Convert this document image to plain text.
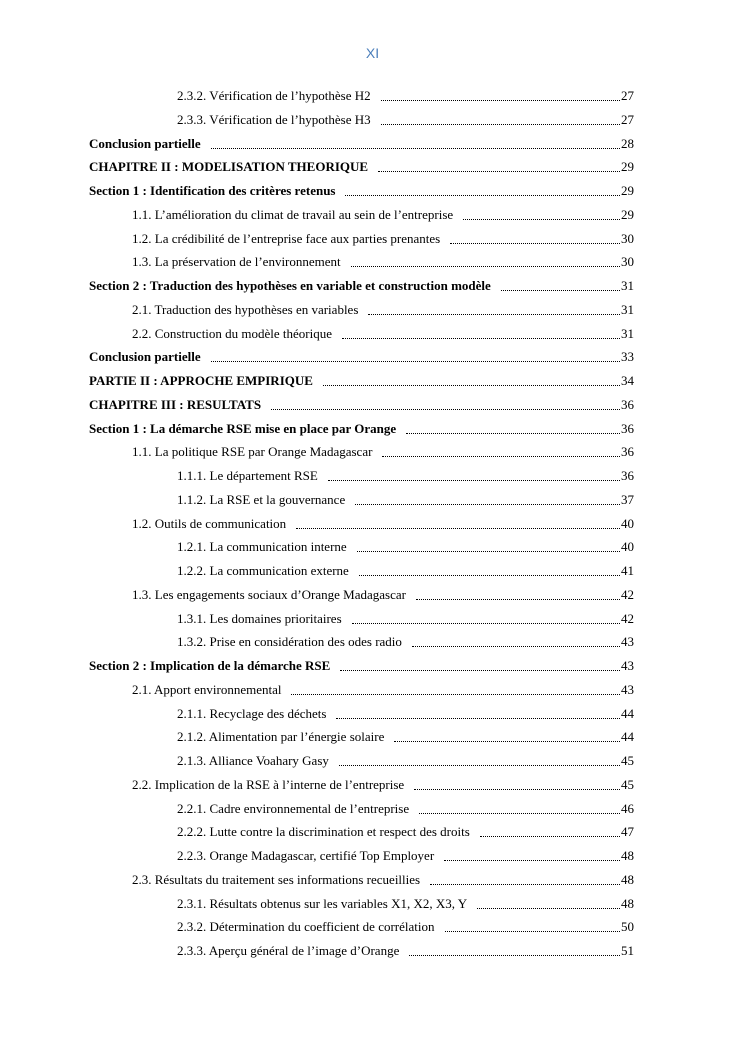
XI
2.3.2. Vérification de l’hypothèse H2	27
2.3.3. Vérification de l’hypothèse H3	27
Conclusion partielle	28
CHAPITRE II : MODELISATION THEORIQUE	29
Section 1 : Identification des critères retenus	29
1.1. L’amélioration du climat de travail au sein de l’entreprise	29
1.2. La crédibilité de l’entreprise face aux parties prenantes	30
1.3. La préservation de l’environnement	30
Section 2 : Traduction des hypothèses en variable et construction modèle	31
2.1. Traduction des hypothèses en variables	31
2.2. Construction du modèle théorique	31
Conclusion partielle	33
PARTIE II : APPROCHE EMPIRIQUE	34
CHAPITRE III : RESULTATS	36
Section 1 : La démarche RSE mise en place par Orange	36
1.1. La politique RSE par Orange Madagascar	36
1.1.1. Le département RSE	36
1.1.2. La RSE et la gouvernance	37
1.2. Outils de communication	40
1.2.1. La communication interne	40
1.2.2. La communication externe	41
1.3. Les engagements sociaux d’Orange Madagascar	42
1.3.1. Les domaines prioritaires	42
1.3.2. Prise en considération des odes radio	43
Section 2 : Implication de la démarche RSE	43
2.1. Apport environnemental	43
2.1.1. Recyclage des déchets	44
2.1.2. Alimentation par l’énergie solaire	44
2.1.3. Alliance Voahary Gasy	45
2.2. Implication de la RSE à l’interne de l’entreprise	45
2.2.1. Cadre environnemental de l’entreprise	46
2.2.2. Lutte contre la discrimination et respect des droits	47
2.2.3. Orange Madagascar, certifié Top Employer	48
2.3. Résultats du traitement ses informations recueillies	48
2.3.1. Résultats obtenus sur les variables X1, X2, X3, Y	48
2.3.2. Détermination du coefficient de corrélation	50
2.3.3. Aperçu général de l’image d’Orange	51
